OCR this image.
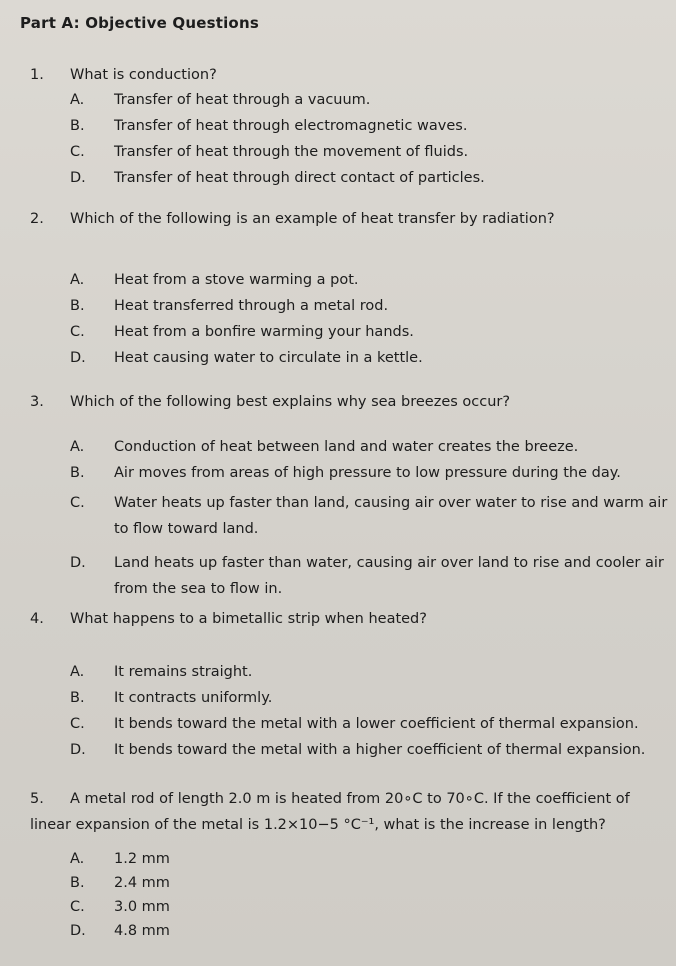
Part A: Objective Questions
1. What is conduction?
A.	Transfer of heat through a vacuum.
B.	Transfer of heat through electromagnetic waves.
C.	Transfer of heat through the movement of fluids.
D.	Transfer of heat through direct contact of particles.
2. Which of the following is an example of heat transfer by radiation?
A.	Heat from a stove warming a pot.
B.	Heat transferred through a metal rod.
C.	Heat from a bonfire warming your hands.
D.	Heat causing water to circulate in a kettle.
3. Which of the following best explains why sea breezes occur?
A.	Conduction of heat between land and water creates the breeze.
B.	Air moves from areas of high pressure to low pressure during the day.
C.	Water heats up faster than land, causing air over water to rise and warm air to flow toward land.
D.	Land heats up faster than water, causing air over land to rise and cooler air from the sea to flow in.
4. What happens to a bimetallic strip when heated?
A.	It remains straight.
B.	It contracts uniformly.
C.	It bends toward the metal with a lower coefficient of thermal expansion.
D.	It bends toward the metal with a higher coefficient of thermal expansion.
5. A metal rod of length 2.0 m is heated from 20∘C to 70∘C. If the coefficient of linear expansion of the metal is 1.2×10−5 °C⁻¹, what is the increase in length?
A.	1.2 mm
B.	2.4 mm
C.	3.0 mm
D.	4.8 mm
